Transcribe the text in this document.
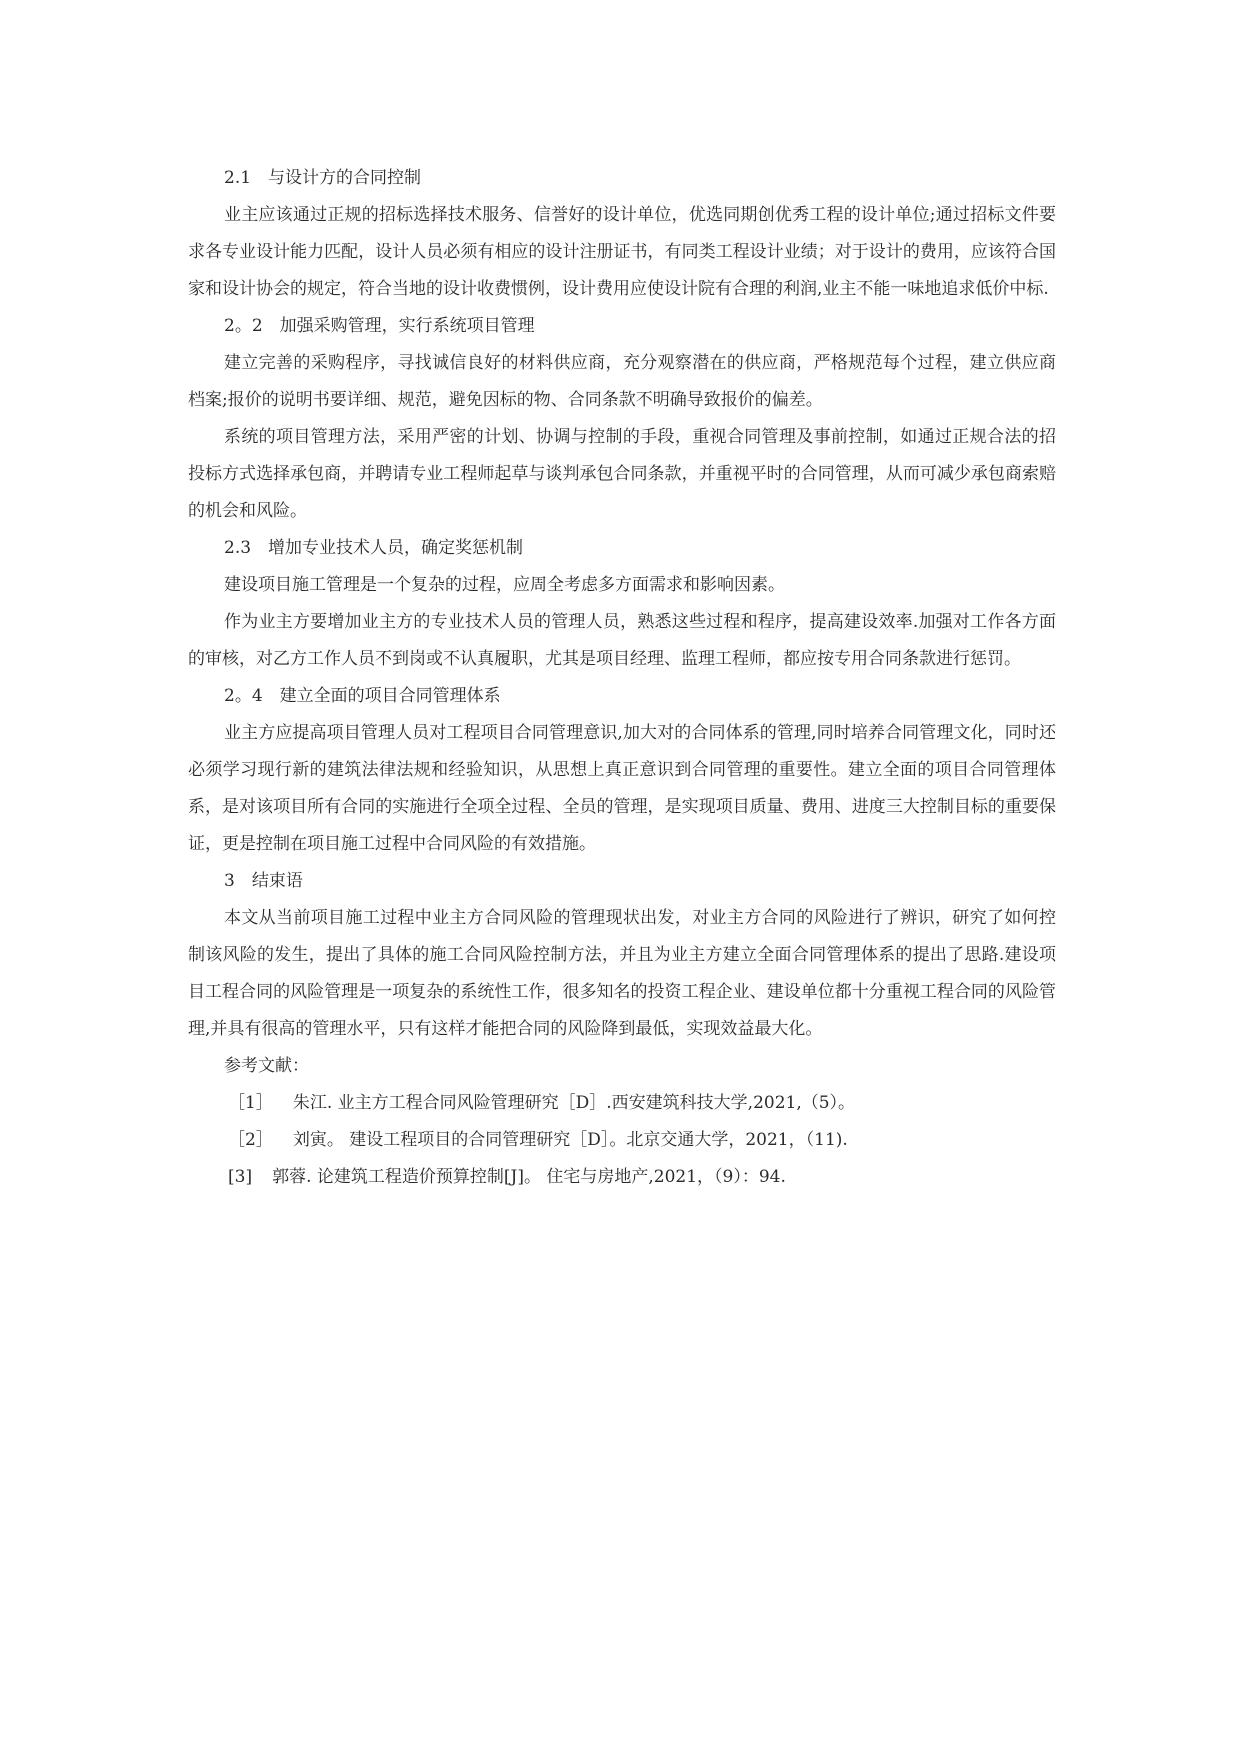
2.1　与设计方的合同控制

业主应该通过正规的招标选择技术服务、信誉好的设计单位，优选同期创优秀工程的设计单位;通过招标文件要求各专业设计能力匹配，设计人员必须有相应的设计注册证书，有同类工程设计业绩；对于设计的费用，应该符合国家和设计协会的规定，符合当地的设计收费惯例，设计费用应使设计院有合理的利润,业主不能一味地追求低价中标.

2。2　加强采购管理，实行系统项目管理

建立完善的采购程序，寻找诚信良好的材料供应商，充分观察潜在的供应商，严格规范每个过程，建立供应商档案;报价的说明书要详细、规范，避免因标的物、合同条款不明确导致报价的偏差。

系统的项目管理方法，采用严密的计划、协调与控制的手段，重视合同管理及事前控制，如通过正规合法的招投标方式选择承包商，并聘请专业工程师起草与谈判承包合同条款，并重视平时的合同管理，从而可减少承包商索赔的机会和风险。

2.3　增加专业技术人员，确定奖惩机制

建设项目施工管理是一个复杂的过程，应周全考虑多方面需求和影响因素。

作为业主方要增加业主方的专业技术人员的管理人员，熟悉这些过程和程序，提高建设效率.加强对工作各方面的审核，对乙方工作人员不到岗或不认真履职，尤其是项目经理、监理工程师，都应按专用合同条款进行惩罚。

2。4　建立全面的项目合同管理体系

业主方应提高项目管理人员对工程项目合同管理意识,加大对的合同体系的管理,同时培养合同管理文化，同时还必须学习现行新的建筑法律法规和经验知识，从思想上真正意识到合同管理的重要性。建立全面的项目合同管理体系，是对该项目所有合同的实施进行全项全过程、全员的管理，是实现项目质量、费用、进度三大控制目标的重要保证，更是控制在项目施工过程中合同风险的有效措施。

3　结束语

本文从当前项目施工过程中业主方合同风险的管理现状出发，对业主方合同的风险进行了辨识，研究了如何控制该风险的发生，提出了具体的施工合同风险控制方法，并且为业主方建立全面合同管理体系的提出了思路.建设项目工程合同的风险管理是一项复杂的系统性工作，很多知名的投资工程企业、建设单位都十分重视工程合同的风险管理,并具有很高的管理水平，只有这样才能把合同的风险降到最低，实现效益最大化。

参考文献：

［1］ 朱江. 业主方工程合同风险管理研究［D］.西安建筑科技大学,2021,（5）。

［2］ 刘寅。 建设工程项目的合同管理研究［D］。北京交通大学，2021，（11).

[3] 郭蓉. 论建筑工程造价预算控制[J]。 住宅与房地产,2021，（9）：94.
